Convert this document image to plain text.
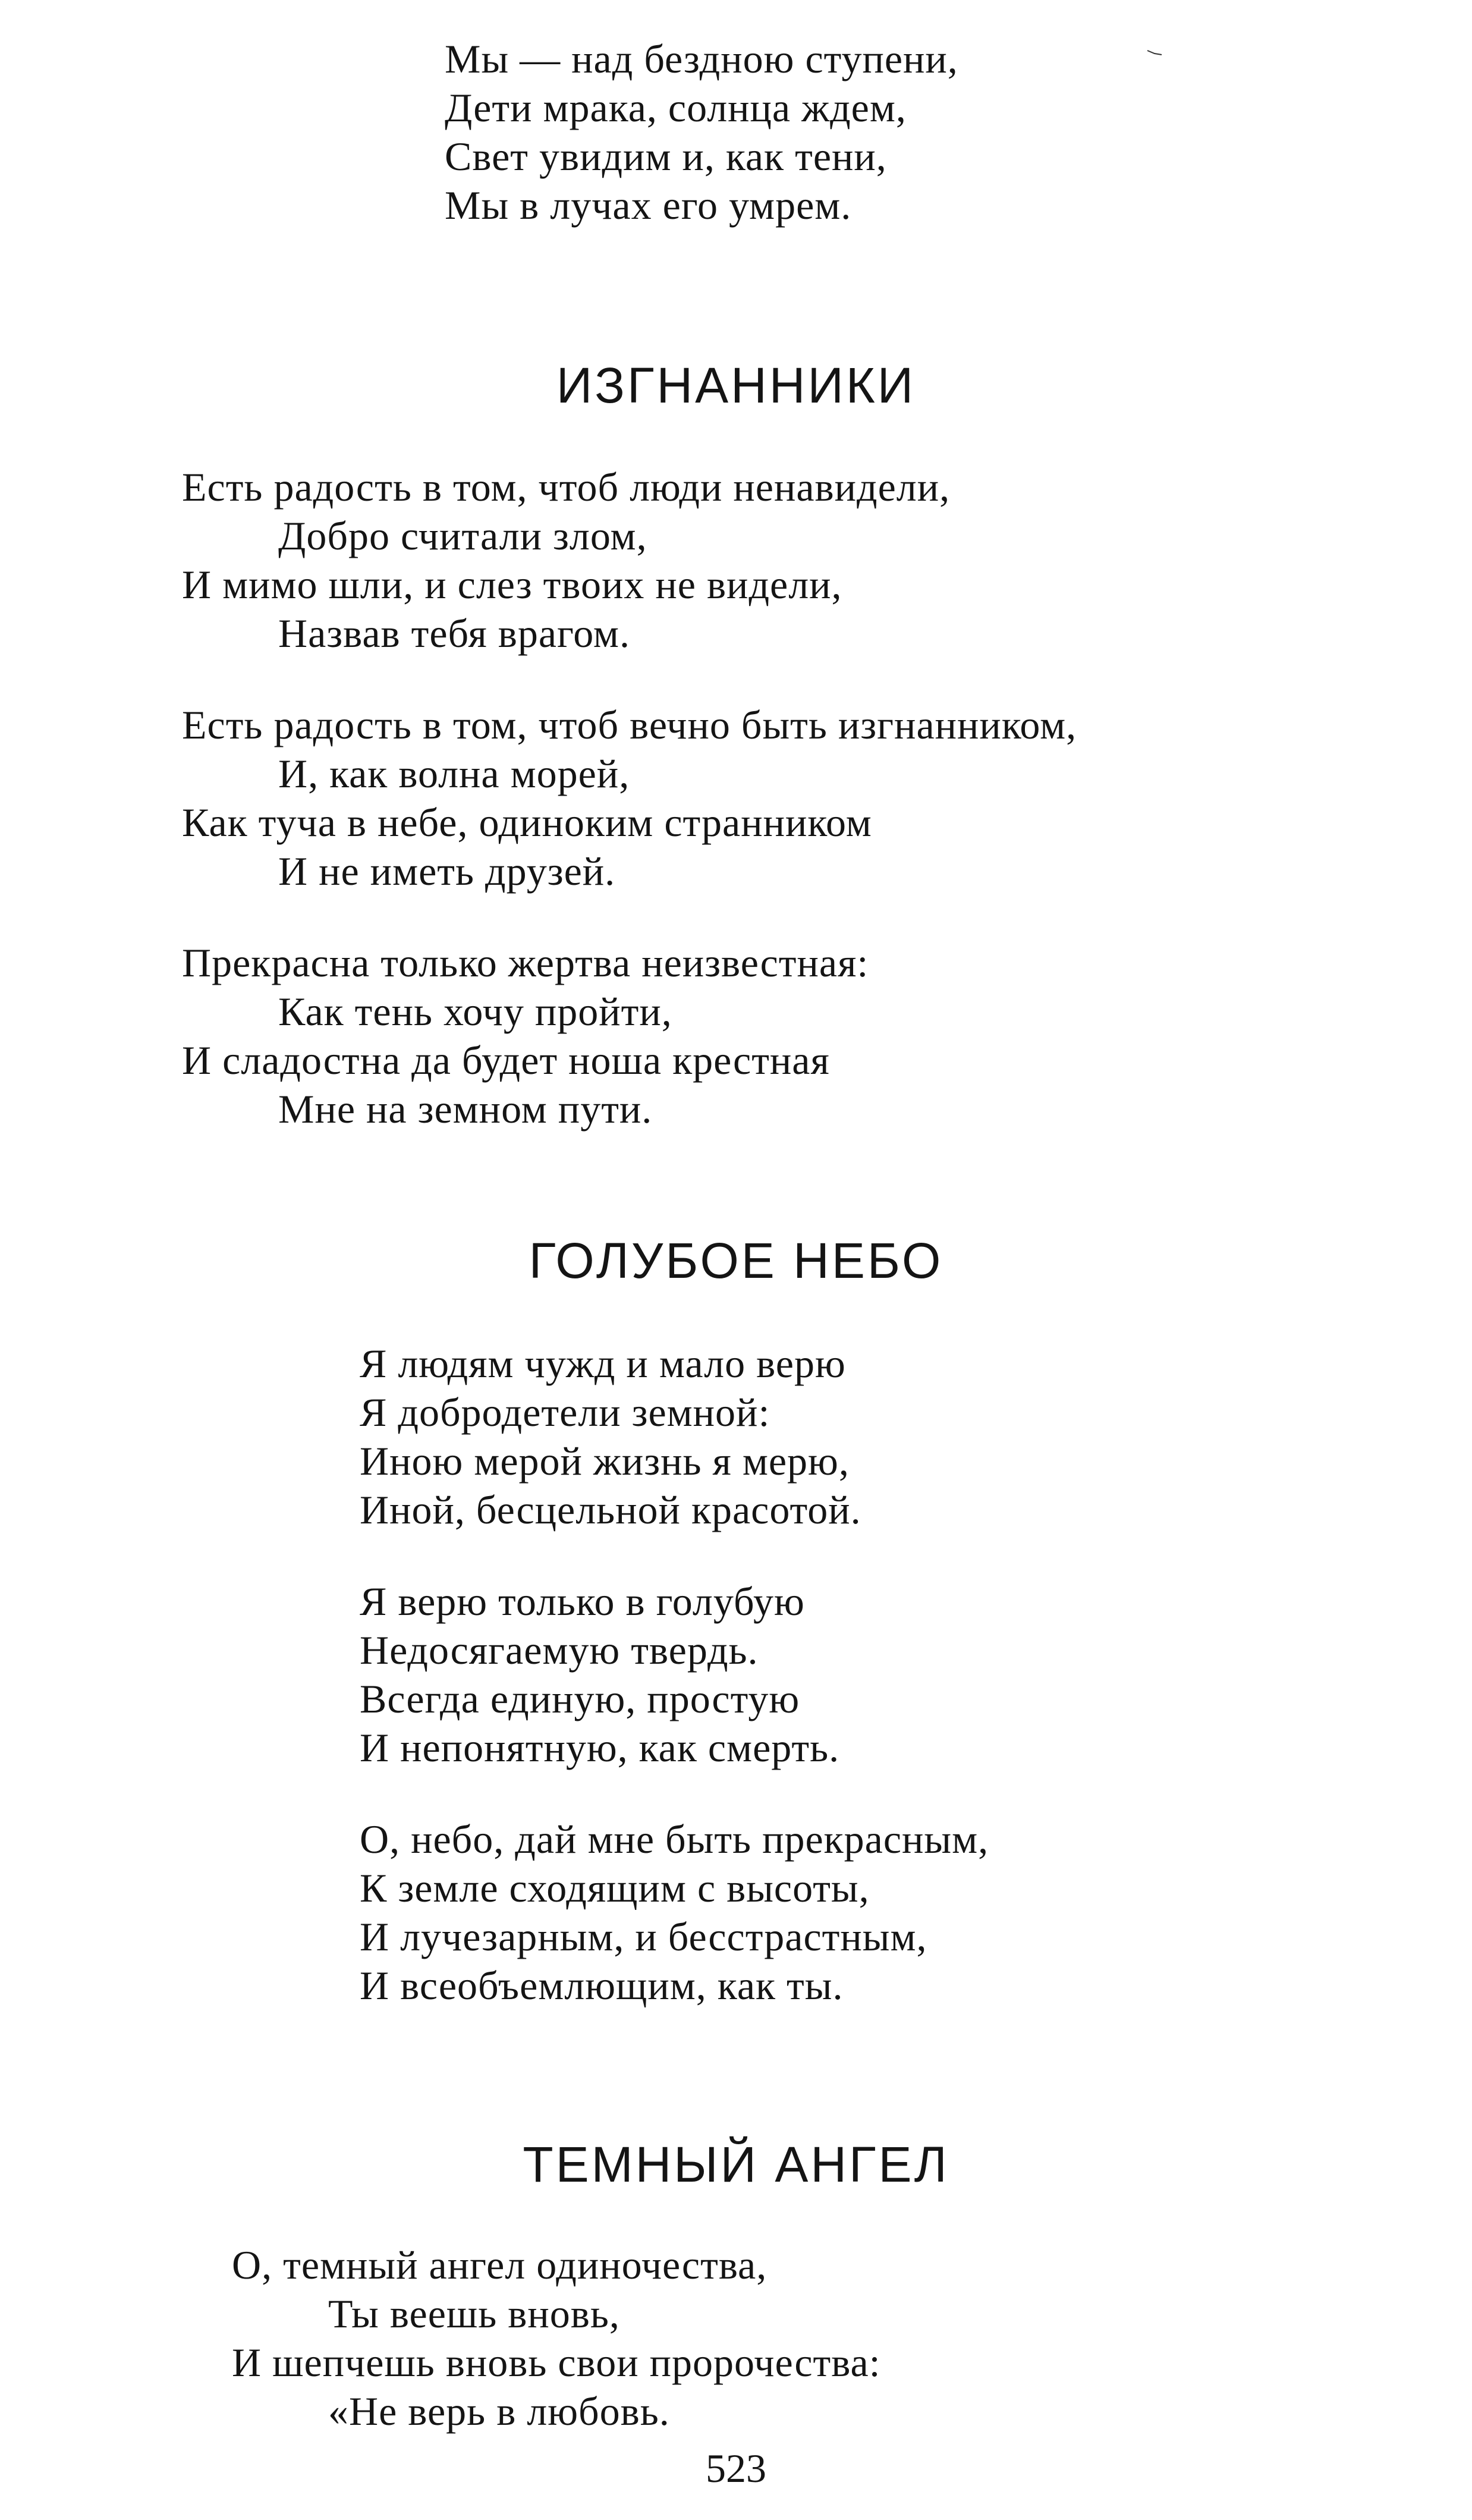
Мы — над бездною ступени,
Дети мрака, солнца ждем,
Свет увидим и, как тени,
Мы в лучах его умрем.
ИЗГНАННИКИ
Есть радость в том, чтоб люди ненавидели,
Добро считали злом,
И мимо шли, и слез твоих не видели,
Назвав тебя врагом.
Есть радость в том, чтоб вечно быть изгнанником,
И, как волна морей,
Как туча в небе, одиноким странником
И не иметь друзей.
Прекрасна только жертва неизвестная:
Как тень хочу пройти,
И сладостна да будет ноша крестная
Мне на земном пути.
ГОЛУБОЕ НЕБО
Я людям чужд и мало верю
Я добродетели земной:
Иною мерой жизнь я мерю,
Иной, бесцельной красотой.
Я верю только в голубую
Недосягаемую твердь.
Всегда единую, простую
И непонятную, как смерть.
О, небо, дай мне быть прекрасным,
К земле сходящим с высоты,
И лучезарным, и бесстрастным,
И всеобъемлющим, как ты.
ТЕМНЫЙ АНГЕЛ
О, темный ангел одиночества,
Ты веешь вновь,
И шепчешь вновь свои пророчества:
«Не верь в любовь.
523
